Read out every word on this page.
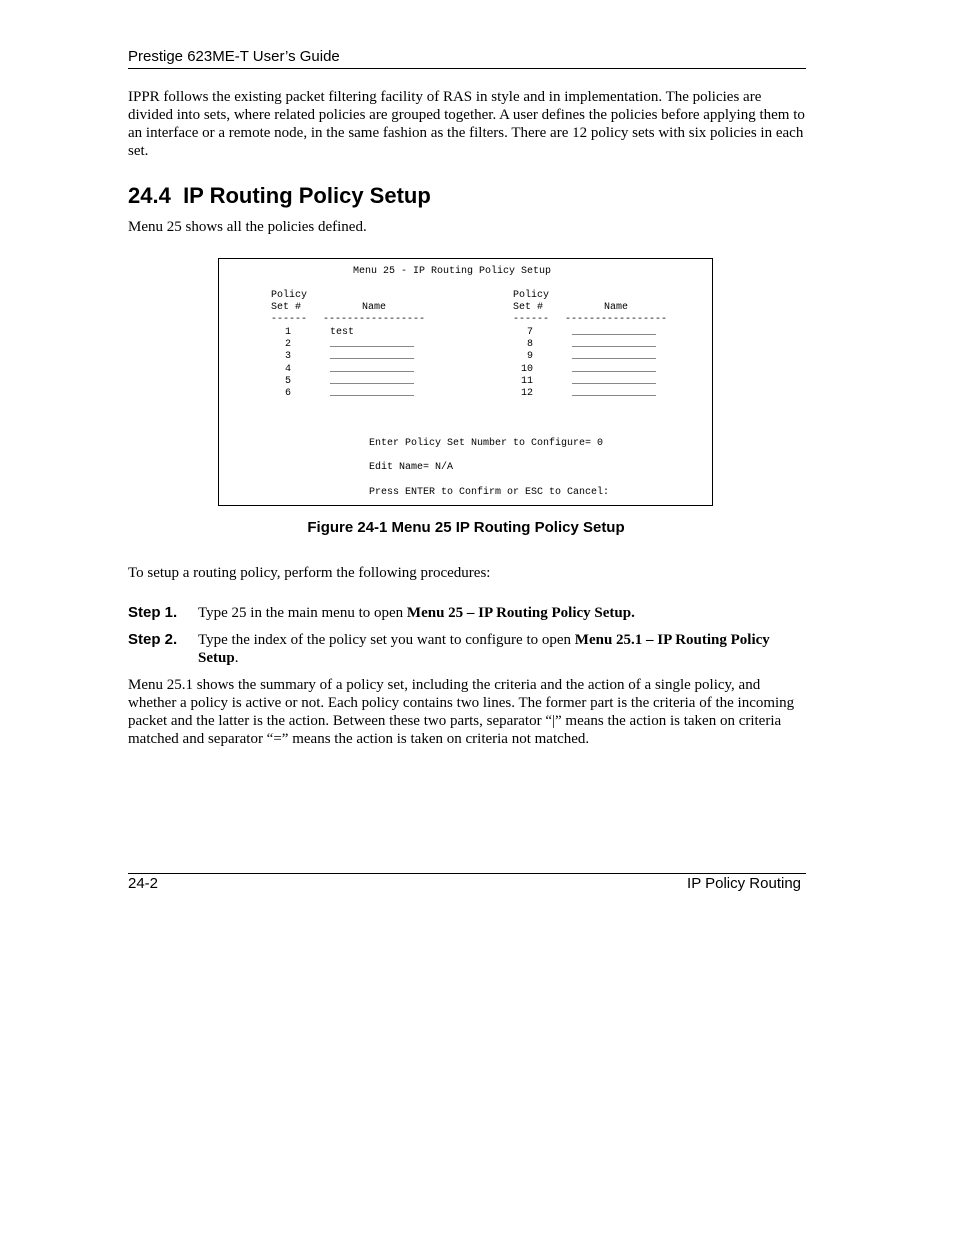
Prestige 623ME-T User’s Guide

IPPR follows the existing packet filtering facility of RAS in style and in implementation. The policies are divided into sets, where related policies are grouped together. A user defines the policies before applying them to an interface or a remote node, in the same fashion as the filters. There are 12 policy sets with six policies in each set.

24.4 IP Routing Policy Setup

Menu 25 shows all the policies defined.

Menu 25 - IP Routing Policy Setup
Policy
Set #	Name
------ -----------------
Policy
Set #	Name
------ -----------------
1	test
2	______________
3	______________
4	______________
5	______________
6	______________
7	______________
8	______________
9	______________
10	______________
11	______________
12	______________
Enter Policy Set Number to Configure= 0
Edit Name= N/A
Press ENTER to Confirm or ESC to Cancel:
Figure 24-1 Menu 25 IP Routing Policy Setup

To setup a routing policy, perform the following procedures:

Step 1. Type 25 in the main menu to open Menu 25 – IP Routing Policy Setup.

Step 2. Type the index of the policy set you want to configure to open Menu 25.1 – IP Routing Policy Setup.

Menu 25.1 shows the summary of a policy set, including the criteria and the action of a single policy, and whether a policy is active or not. Each policy contains two lines. The former part is the criteria of the incoming packet and the latter is the action. Between these two parts, separator “|” means the action is taken on criteria matched and separator “=” means the action is taken on criteria not matched.

24-2	IP Policy Routing
